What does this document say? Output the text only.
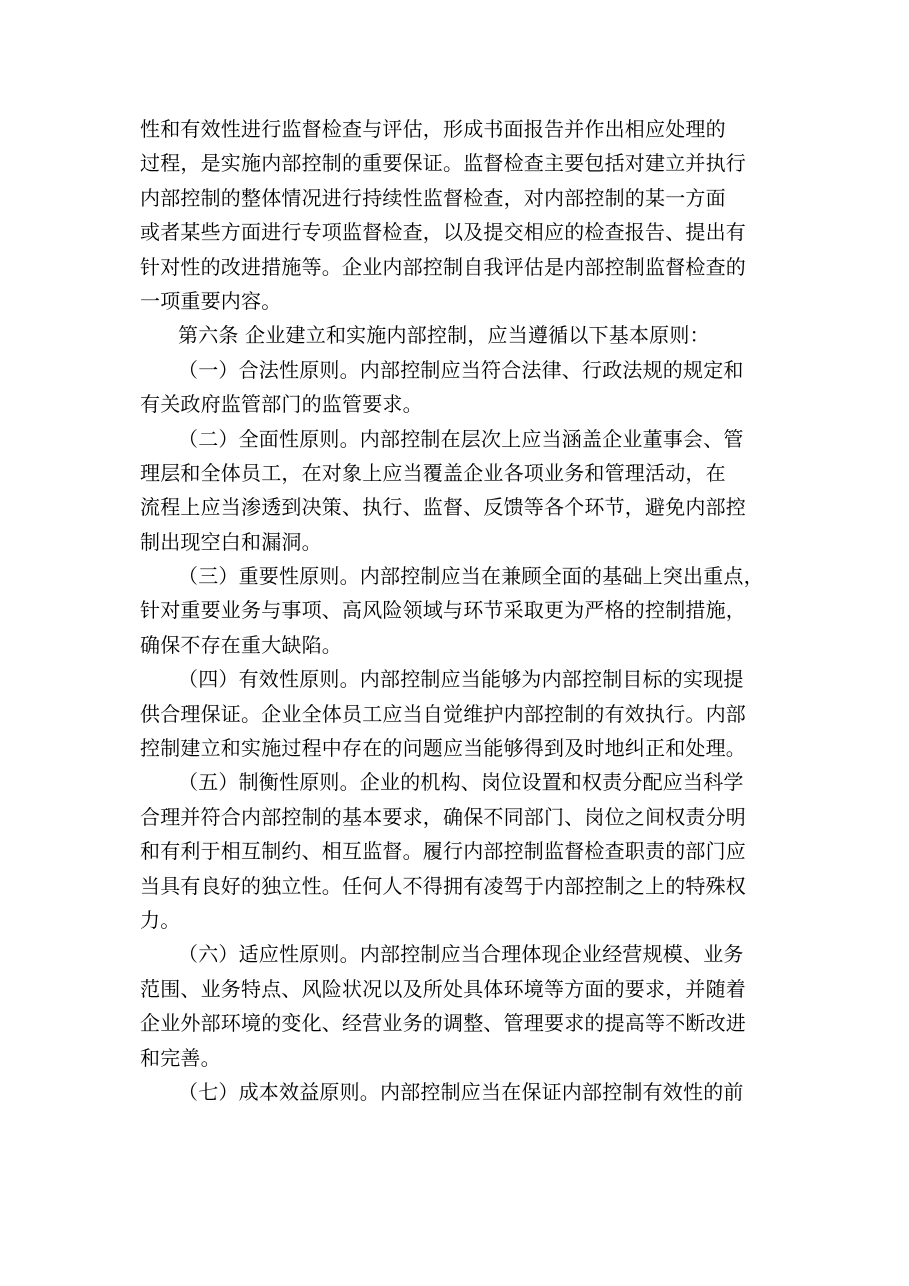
性和有效性进行监督检查与评估，形成书面报告并作出相应处理的
过程，是实施内部控制的重要保证。监督检查主要包括对建立并执行
内部控制的整体情况进行持续性监督检查，对内部控制的某一方面
或者某些方面进行专项监督检查，以及提交相应的检查报告、提出有
针对性的改进措施等。企业内部控制自我评估是内部控制监督检查的
一项重要内容。
第六条 企业建立和实施内部控制，应当遵循以下基本原则：
（一）合法性原则。内部控制应当符合法律、行政法规的规定和
有关政府监管部门的监管要求。
（二）全面性原则。内部控制在层次上应当涵盖企业董事会、管
理层和全体员工，在对象上应当覆盖企业各项业务和管理活动，在
流程上应当渗透到决策、执行、监督、反馈等各个环节，避免内部控
制出现空白和漏洞。
（三）重要性原则。内部控制应当在兼顾全面的基础上突出重点，
针对重要业务与事项、高风险领域与环节采取更为严格的控制措施，
确保不存在重大缺陷。
（四）有效性原则。内部控制应当能够为内部控制目标的实现提
供合理保证。企业全体员工应当自觉维护内部控制的有效执行。内部
控制建立和实施过程中存在的问题应当能够得到及时地纠正和处理。
（五）制衡性原则。企业的机构、岗位设置和权责分配应当科学
合理并符合内部控制的基本要求，确保不同部门、岗位之间权责分明
和有利于相互制约、相互监督。履行内部控制监督检查职责的部门应
当具有良好的独立性。任何人不得拥有凌驾于内部控制之上的特殊权
力。
（六）适应性原则。内部控制应当合理体现企业经营规模、业务
范围、业务特点、风险状况以及所处具体环境等方面的要求，并随着
企业外部环境的变化、经营业务的调整、管理要求的提高等不断改进
和完善。
（七）成本效益原则。内部控制应当在保证内部控制有效性的前
